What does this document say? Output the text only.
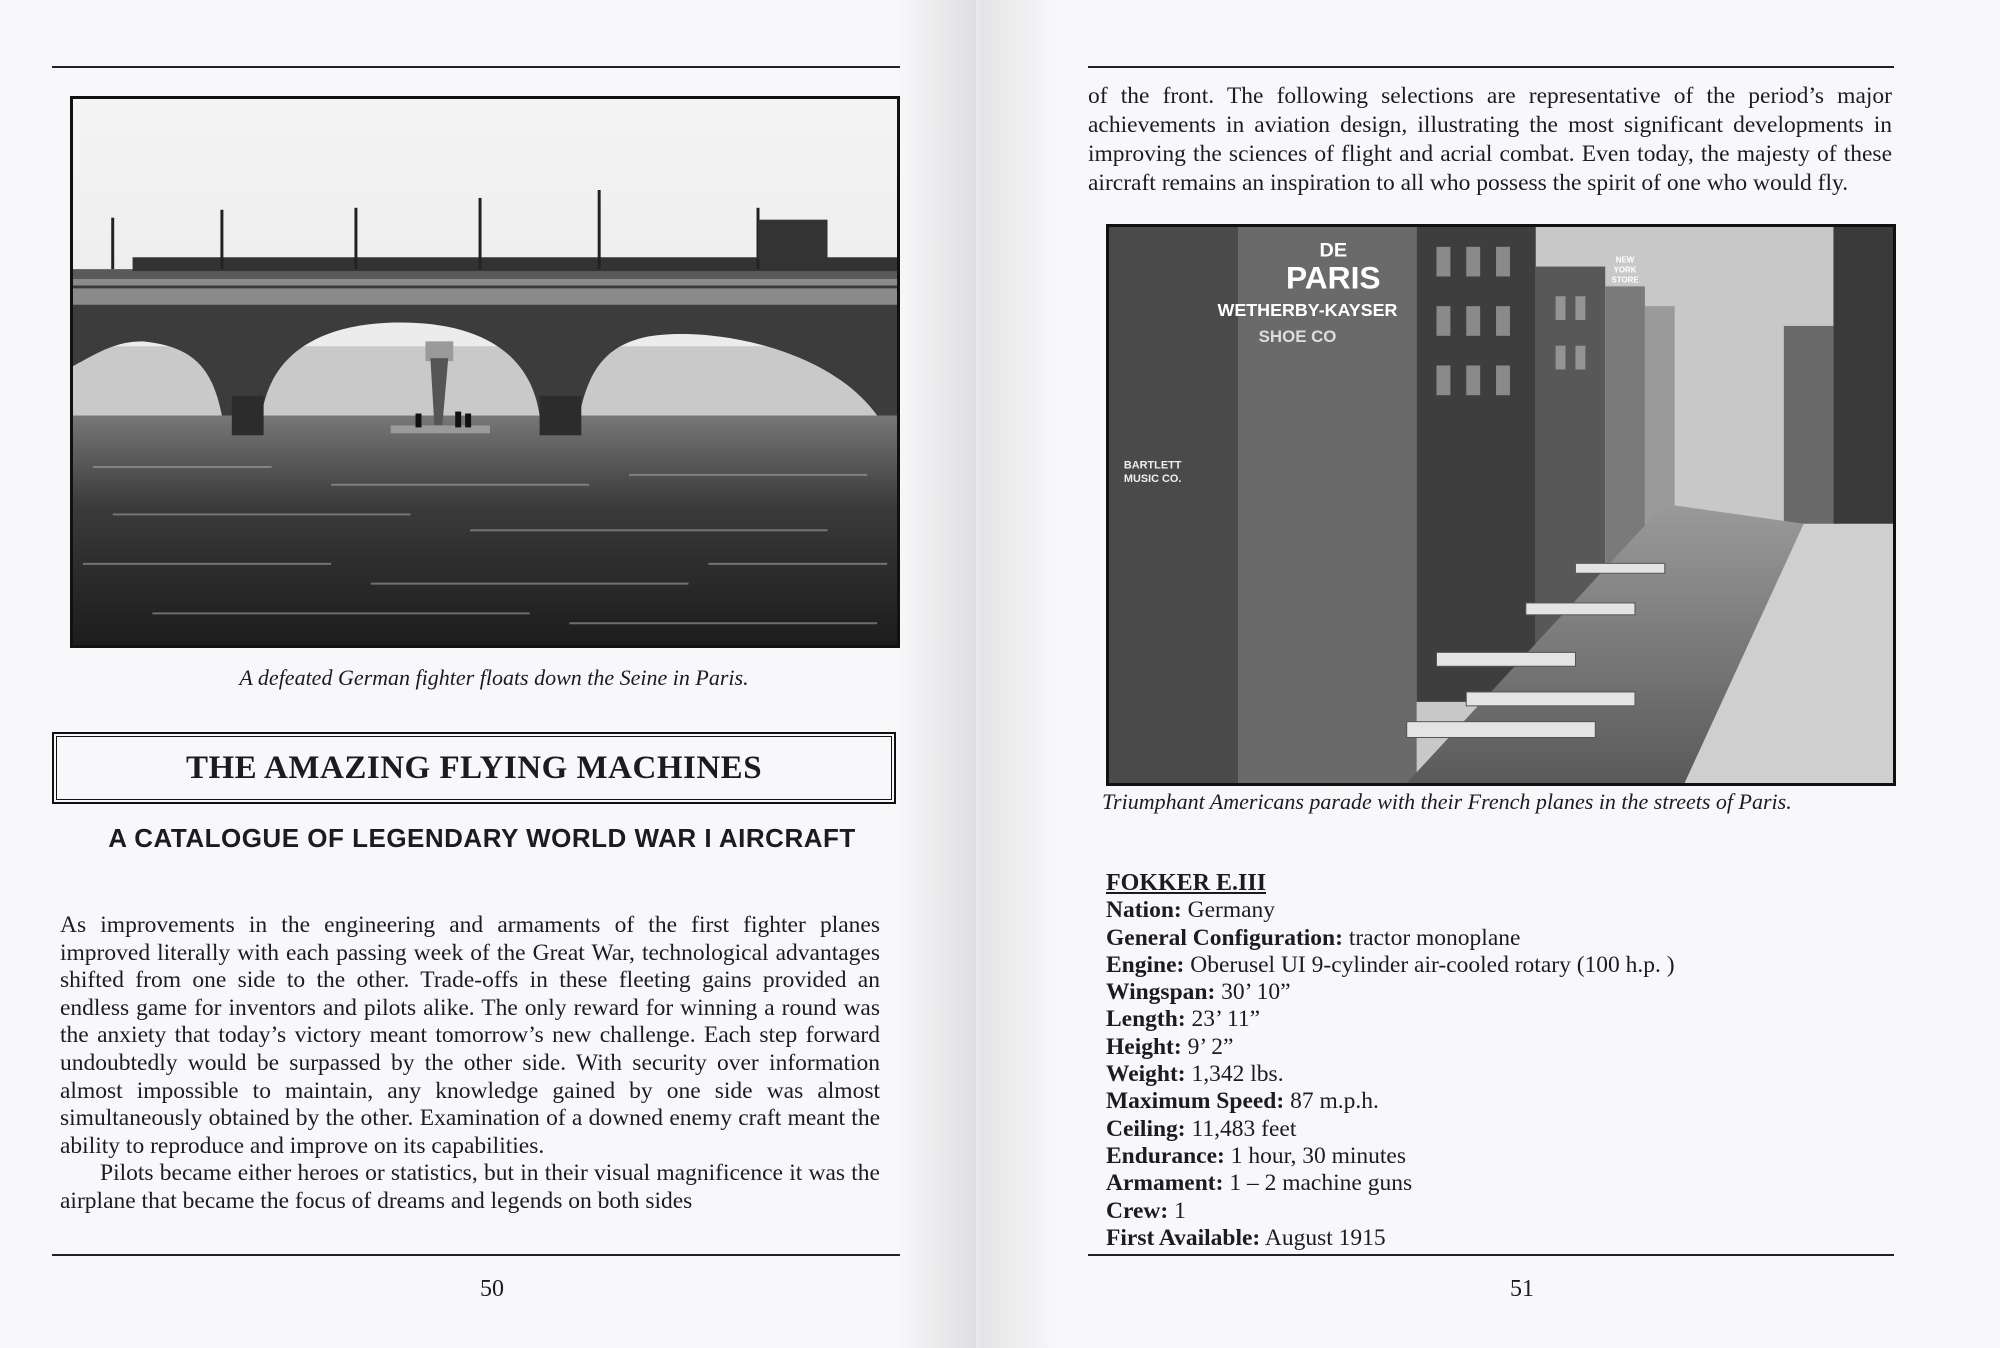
A defeated German fighter floats down the Seine in Paris.
THE AMAZING FLYING MACHINES
A CATALOGUE OF LEGENDARY WORLD WAR I AIRCRAFT

As improvements in the engineering and armaments of the first fighter planes improved literally with each passing week of the Great War, technological advantages shifted from one side to the other. Trade-offs in these fleeting gains provided an endless game for inventors and pilots alike. The only reward for winning a round was the anxiety that today’s victory meant tomorrow’s new challenge. Each step forward undoubtedly would be surpassed by the other side. With security over information almost impossible to maintain, any knowledge gained by one side was almost simultaneously obtained by the other. Examination of a downed enemy craft meant the ability to reproduce and improve on its capabilities.

Pilots became either heroes or statistics, but in their visual magnificence it was the airplane that became the focus of dreams and legends on both sides

50

of the front. The following selections are representative of the period’s major achievements in aviation design, illustrating the most significant developments in improving the sciences of flight and acrial combat. Even today, the majesty of these aircraft remains an inspiration to all who possess the spirit of one who would fly.

DE
PARIS
WETHERBY-KAYSER
SHOE CO
BARTLETT
MUSIC CO.
NEW
YORK
STORE
Triumphant Americans parade with their French planes in the streets of Paris.
51
FOKKER E.III
Nation: Germany
General Configuration: tractor monoplane
Engine: Oberusel UI 9-cylinder air-cooled rotary (100 h.p. )
Wingspan: 30’ 10”
Length: 23’ 11”
Height: 9’ 2”
Weight: 1,342 lbs.
Maximum Speed: 87 m.p.h.
Ceiling: 11,483 feet
Endurance: 1 hour, 30 minutes
Armament: 1 – 2 machine guns
Crew: 1
First Available: August 1915
